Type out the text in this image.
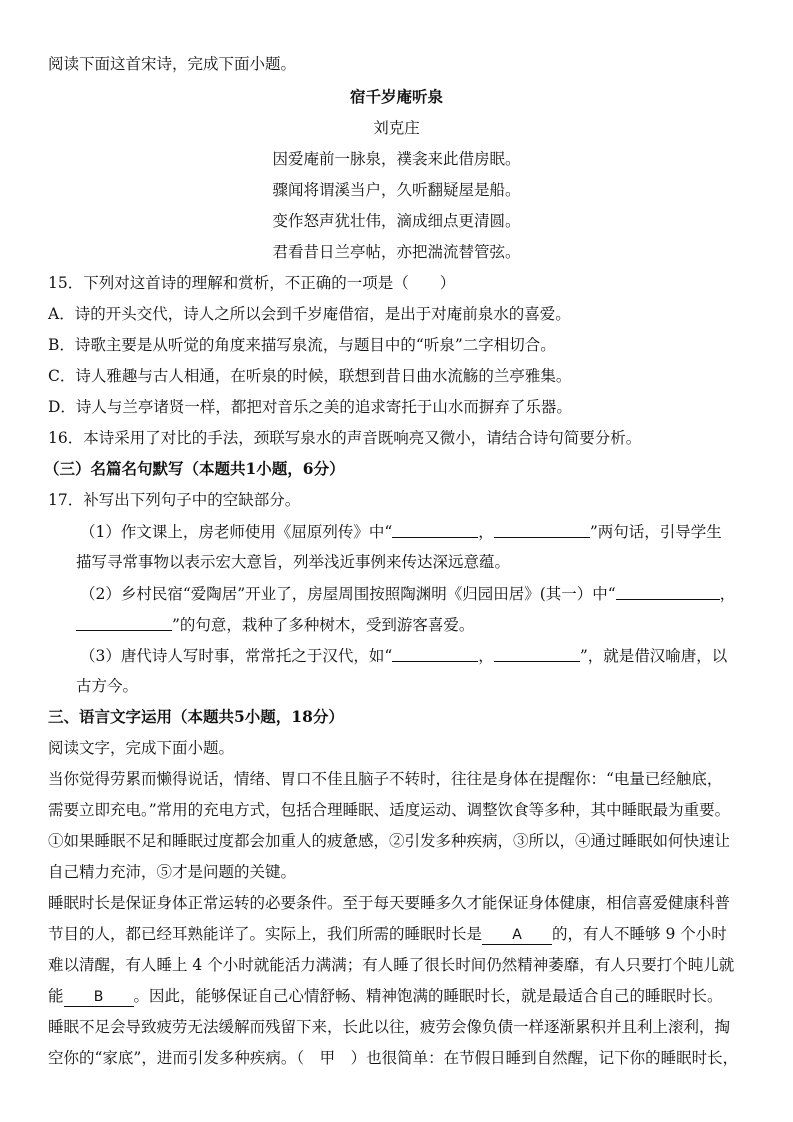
阅读下面这首宋诗，完成下面小题。
宿千岁庵听泉
刘克庄
因爱庵前一脉泉，襆衾来此借房眠。
骤闻将谓溪当户，久听翻疑屋是船。
变作怒声犹壮伟，滴成细点更清圆。
君看昔日兰亭帖，亦把湍流替管弦。
15．下列对这首诗的理解和赏析，不正确的一项是（　　）
A．诗的开头交代，诗人之所以会到千岁庵借宿，是出于对庵前泉水的喜爱。
B．诗歌主要是从听觉的角度来描写泉流，与题目中的“听泉”二字相切合。
C．诗人雅趣与古人相通，在听泉的时候，联想到昔日曲水流觞的兰亭雅集。
D．诗人与兰亭诸贤一样，都把对音乐之美的追求寄托于山水而摒弃了乐器。
16．本诗采用了对比的手法，颈联写泉水的声音既响亮又微小，请结合诗句简要分析。
（三）名篇名句默写（本题共1小题，6分）
17．补写出下列句子中的空缺部分。
（1）作文课上，房老师使用《屈原列传》中“	，	”两句话，引导学生
描写寻常事物以表示宏大意旨，列举浅近事例来传达深远意蕴。
（2）乡村民宿“爱陶居”开业了，房屋周围按照陶渊明《归园田居》(其一）中“	，
”的句意，栽种了多种树木，受到游客喜爱。
（3）唐代诗人写时事，常常托之于汉代，如“	，	”，就是借汉喻唐，以
古方今。
三、语言文字运用（本题共5小题，18分）
阅读文字，完成下面小题。
当你觉得劳累而懒得说话，情绪、胃口不佳且脑子不转时，往往是身体在提醒你：“电量已经触底，
需要立即充电。”常用的充电方式，包括合理睡眠、适度运动、调整饮食等多种，其中睡眠最为重要。
①如果睡眠不足和睡眠过度都会加重人的疲惫感，②引发多种疾病，③所以，④通过睡眠如何快速让
自己精力充沛，⑤才是问题的关键。
睡眠时长是保证身体正常运转的必要条件。至于每天要睡多久才能保证身体健康，相信喜爱健康科普
节目的人，都已经耳熟能详了。实际上，我们所需的睡眠时长是 A 的，有人不睡够 9 个小时
难以清醒，有人睡上 4 个小时就能活力满满；有人睡了很长时间仍然精神萎靡，有人只要打个盹儿就
能 B 。因此，能够保证自己心情舒畅、精神饱满的睡眠时长，就是最适合自己的睡眠时长。
睡眠不足会导致疲劳无法缓解而残留下来，长此以往，疲劳会像负债一样逐渐累积并且利上滚利，掏
空你的“家底”，进而引发多种疾病。（　甲　）也很简单：在节假日睡到自然醒，记下你的睡眠时长，
